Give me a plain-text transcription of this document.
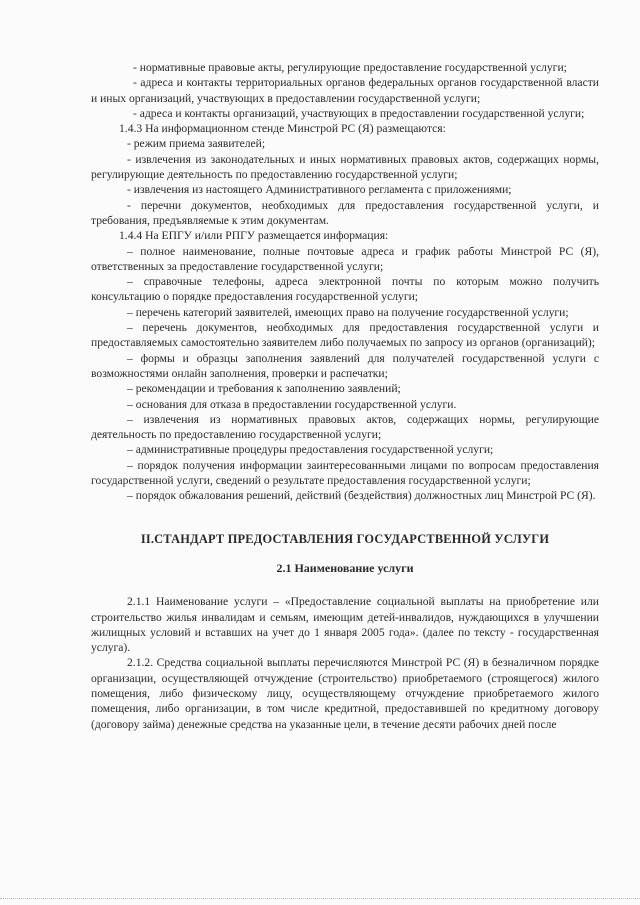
- нормативные правовые акты, регулирующие предоставление государственной услуги;

- адреса и контакты территориальных органов федеральных органов государственной власти и иных организаций, участвующих в предоставлении государственной услуги;

- адреса и контакты организаций, участвующих в предоставлении государственной услуги;

1.4.3 На информационном стенде Минстрой РС (Я) размещаются:

- режим приема заявителей;

- извлечения из законодательных и иных нормативных правовых актов, содержащих нормы, регулирующие деятельность по предоставлению государственной услуги;

- извлечения из настоящего Административного регламента с приложениями;

- перечни документов, необходимых для предоставления государственной услуги, и требования, предъявляемые к этим документам.

1.4.4 На ЕПГУ и/или РПГУ размещается информация:

– полное наименование, полные почтовые адреса и график работы Минстрой РС (Я), ответственных за предоставление государственной услуги;

– справочные телефоны, адреса электронной почты по которым можно получить консультацию о порядке предоставления государственной услуги;

– перечень категорий заявителей, имеющих право на получение государственной услуги;

– перечень документов, необходимых для предоставления государственной услуги и предоставляемых самостоятельно заявителем либо получаемых по запросу из органов (организаций);

– формы и образцы заполнения заявлений для получателей государственной услуги с возможностями онлайн заполнения, проверки и распечатки;

– рекомендации и требования к заполнению заявлений;

– основания для отказа в предоставлении государственной услуги.

– извлечения из нормативных правовых актов, содержащих нормы, регулирующие деятельность по предоставлению государственной услуги;

– административные процедуры предоставления государственной услуги;

– порядок получения информации заинтересованными лицами по вопросам предоставления государственной услуги, сведений о результате предоставления государственной услуги;

– порядок обжалования решений, действий (бездействия) должностных лиц Минстрой РС (Я).

II.СТАНДАРТ ПРЕДОСТАВЛЕНИЯ ГОСУДАРСТВЕННОЙ УСЛУГИ
2.1 Наименование услуги

2.1.1 Наименование услуги – «Предоставление социальной выплаты на приобретение или строительство жилья инвалидам и семьям, имеющим детей-инвалидов, нуждающихся в улучшении жилищных условий и вставших на учет до 1 января 2005 года». (далее по тексту - государственная услуга).

2.1.2. Средства социальной выплаты перечисляются Минстрой РС (Я) в безналичном порядке организации, осуществляющей отчуждение (строительство) приобретаемого (строящегося) жилого помещения, либо физическому лицу, осуществляющему отчуждение приобретаемого жилого помещения, либо организации, в том числе кредитной, предоставившей по кредитному договору (договору займа) денежные средства на указанные цели, в течение десяти рабочих дней после
